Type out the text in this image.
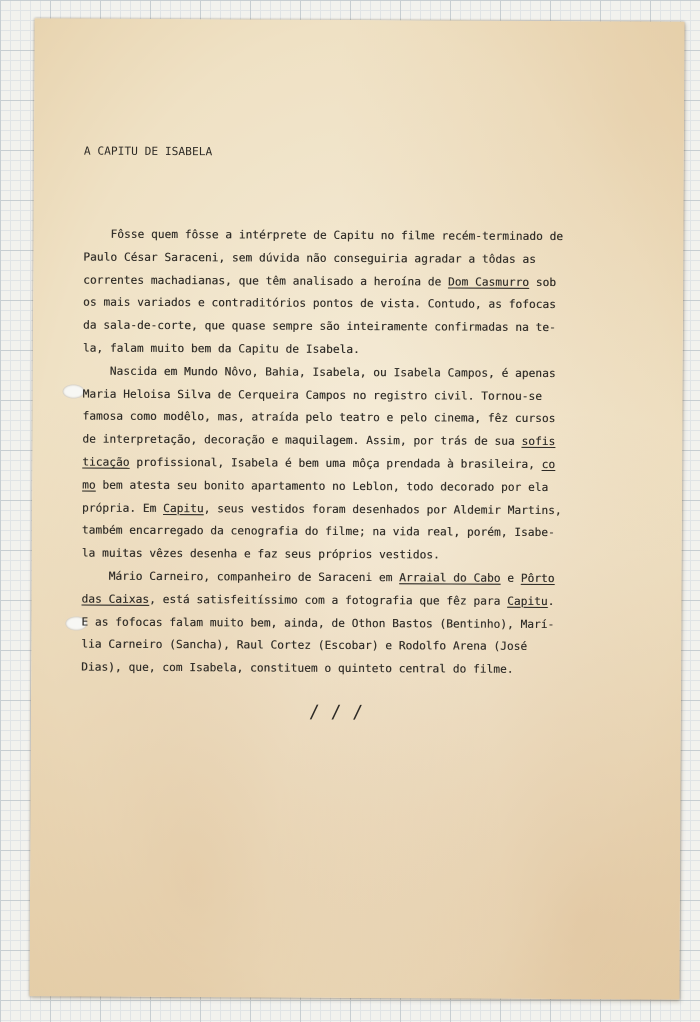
A CAPITU DE ISABELA

Fôsse quem fôsse a intérprete de Capitu no filme recém-terminado de
Paulo César Saraceni, sem dúvida não conseguiria agradar a tôdas as
correntes machadianas, que têm analisado a heroína de Dom Casmurro sob
os mais variados e contraditórios pontos de vista. Contudo, as fofocas
da sala-de-corte, que quase sempre são inteiramente confirmadas na te-
la, falam muito bem da Capitu de Isabela.
Nascida em Mundo Nôvo, Bahia, Isabela, ou Isabela Campos, é apenas
Maria Heloisa Silva de Cerqueira Campos no registro civil. Tornou-se
famosa como modêlo, mas, atraída pelo teatro e pelo cinema, fêz cursos
de interpretação, decoração e maquilagem. Assim, por trás de sua sofis
ticação profissional, Isabela é bem uma môça prendada à brasileira, co
mo bem atesta seu bonito apartamento no Leblon, todo decorado por ela
própria. Em Capitu, seus vestidos foram desenhados por Aldemir Martins,
também encarregado da cenografia do filme; na vida real, porém, Isabe-
la muitas vêzes desenha e faz seus próprios vestidos.
Mário Carneiro, companheiro de Saraceni em Arraial do Cabo e Pôrto
das Caixas, está satisfeitíssimo com a fotografia que fêz para Capitu.
E as fofocas falam muito bem, ainda, de Othon Bastos (Bentinho), Marí-
lia Carneiro (Sancha), Raul Cortez (Escobar) e Rodolfo Arena (José
Dias), que, com Isabela, constituem o quinteto central do filme.

/ / /
